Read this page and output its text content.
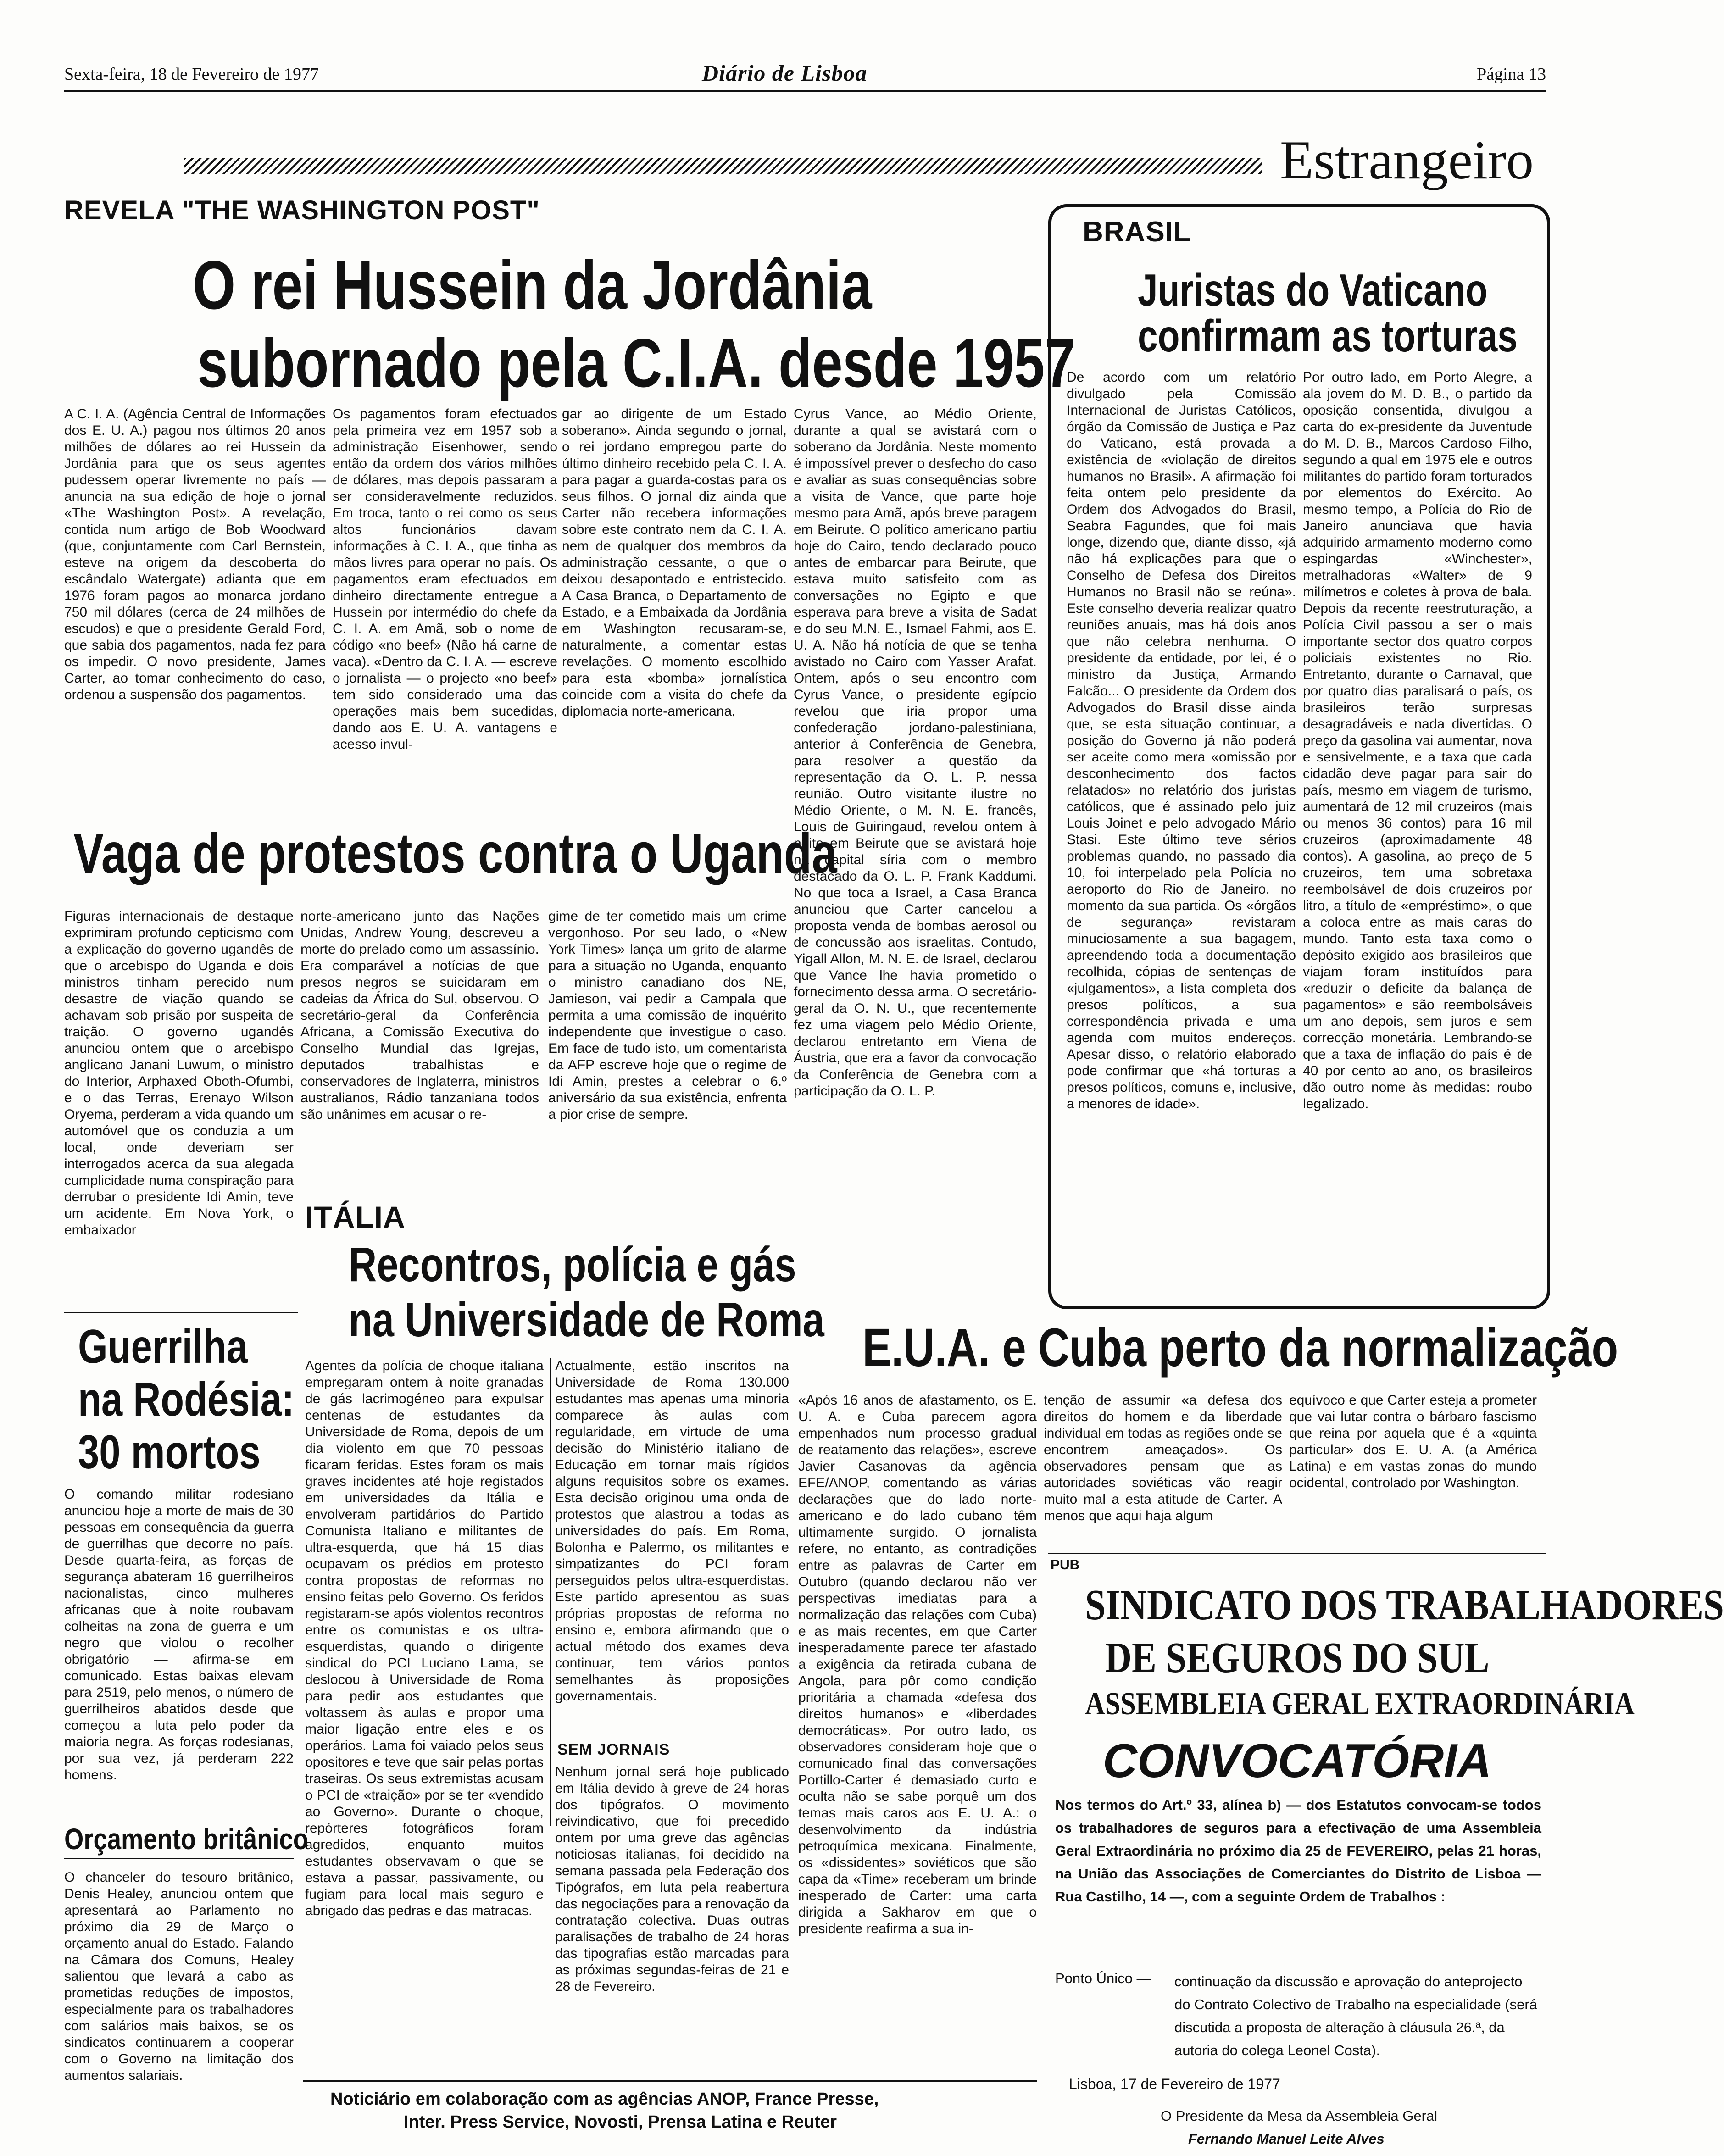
Sexta-feira, 18 de Fevereiro de 1977	Diário de Lisboa	Página 13
Estrangeiro
REVELA "THE WASHINGTON POST"
O rei Hussein da Jordânia
subornado pela C.I.A. desde 1957
A C. I. A. (Agência Central de Informações dos E. U. A.) pagou nos últimos 20 anos milhões de dólares ao rei Hussein da Jordânia para que os seus agentes pudessem operar livremente no país — anuncia na sua edição de hoje o jornal «The Washington Post». A revelação, contida num artigo de Bob Woodward (que, conjuntamente com Carl Bernstein, esteve na origem da descoberta do escândalo Watergate) adianta que em 1976 foram pagos ao monarca jordano 750 mil dólares (cerca de 24 milhões de escudos) e que o presidente Gerald Ford, que sabia dos pagamentos, nada fez para os impedir. O novo presidente, James Carter, ao tomar conhecimento do caso, ordenou a suspensão dos pagamentos.
Os pagamentos foram efectuados pela primeira vez em 1957 sob a administração Eisenhower, sendo então da ordem dos vários milhões de dólares, mas depois passaram a ser consideravelmente reduzidos. Em troca, tanto o rei como os seus altos funcionários davam informações à C. I. A., que tinha as mãos livres para operar no país. Os pagamentos eram efectuados em dinheiro directamente entregue a Hussein por intermédio do chefe da C. I. A. em Amã, sob o nome de código «no beef» (Não há carne de vaca). «Dentro da C. I. A. — escreve o jornalista — o projecto «no beef» tem sido considerado uma das operações mais bem sucedidas, dando aos E. U. A. vantagens e acesso invul-
gar ao dirigente de um Estado soberano». Ainda segundo o jornal, o rei jordano empregou parte do último dinheiro recebido pela C. I. A. para pagar a guarda-costas para os seus filhos. O jornal diz ainda que Carter não recebera informações sobre este contrato nem da C. I. A. nem de qualquer dos membros da administração cessante, o que o deixou desapontado e entristecido. A Casa Branca, o Departamento de Estado, e a Embaixada da Jordânia em Washington recusaram-se, naturalmente, a comentar estas revelações. O momento escolhido para esta «bomba» jornalística coincide com a visita do chefe da diplomacia norte-americana,
Cyrus Vance, ao Médio Oriente, durante a qual se avistará com o soberano da Jordânia. Neste momento é impossível prever o desfecho do caso e avaliar as suas consequências sobre a visita de Vance, que parte hoje mesmo para Amã, após breve paragem em Beirute. O político americano partiu hoje do Cairo, tendo declarado pouco antes de embarcar para Beirute, que estava muito satisfeito com as conversações no Egipto e que esperava para breve a visita de Sadat e do seu M.N. E., Ismael Fahmi, aos E. U. A. Não há notícia de que se tenha avistado no Cairo com Yasser Arafat. Ontem, após o seu encontro com Cyrus Vance, o presidente egípcio revelou que iria propor uma confederação jordano-palestiniana, anterior à Conferência de Genebra, para resolver a questão da representação da O. L. P. nessa reunião. Outro visitante ilustre no Médio Oriente, o M. N. E. francês, Louis de Guiringaud, revelou ontem à noite em Beirute que se avistará hoje na capital síria com o membro destacado da O. L. P. Frank Kaddumi. No que toca a Israel, a Casa Branca anunciou que Carter cancelou a proposta venda de bombas aerosol ou de concussão aos israelitas. Contudo, Yigall Allon, M. N. E. de Israel, declarou que Vance lhe havia prometido o fornecimento dessa arma. O secretário-geral da O. N. U., que recentemente fez uma viagem pelo Médio Oriente, declarou entretanto em Viena de Áustria, que era a favor da convocação da Conferência de Genebra com a participação da O. L. P.
BRASIL
Juristas do Vaticano
confirmam as torturas
De acordo com um relatório divulgado pela Comissão Internacional de Juristas Católicos, órgão da Comissão de Justiça e Paz do Vaticano, está provada a existência de «violação de direitos humanos no Brasil». A afirmação foi feita ontem pelo presidente da Ordem dos Advogados do Brasil, Seabra Fagundes, que foi mais longe, dizendo que, diante disso, «já não há explicações para que o Conselho de Defesa dos Direitos Humanos no Brasil não se reúna». Este conselho deveria realizar quatro reuniões anuais, mas há dois anos que não celebra nenhuma. O presidente da entidade, por lei, é o ministro da Justiça, Armando Falcão... O presidente da Ordem dos Advogados do Brasil disse ainda que, se esta situação continuar, a posição do Governo já não poderá ser aceite como mera «omissão por desconhecimento dos factos relatados» no relatório dos juristas católicos, que é assinado pelo juiz Louis Joinet e pelo advogado Mário Stasi. Este último teve sérios problemas quando, no passado dia 10, foi interpelado pela Polícia no aeroporto do Rio de Janeiro, no momento da sua partida. Os «órgãos de segurança» revistaram minuciosamente a sua bagagem, apreendendo toda a documentação recolhida, cópias de sentenças de «julgamentos», a lista completa dos presos políticos, a sua correspondência privada e uma agenda com muitos endereços. Apesar disso, o relatório elaborado pode confirmar que «há torturas a presos políticos, comuns e, inclusive, a menores de idade».
Por outro lado, em Porto Alegre, a ala jovem do M. D. B., o partido da oposição consentida, divulgou a carta do ex-presidente da Juventude do M. D. B., Marcos Cardoso Filho, segundo a qual em 1975 ele e outros militantes do partido foram torturados por elementos do Exército. Ao mesmo tempo, a Polícia do Rio de Janeiro anunciava que havia adquirido armamento moderno como espingardas «Winchester», metralhadoras «Walter» de 9 milímetros e coletes à prova de bala. Depois da recente reestruturação, a Polícia Civil passou a ser o mais importante sector dos quatro corpos policiais existentes no Rio. Entretanto, durante o Carnaval, que por quatro dias paralisará o país, os brasileiros terão surpresas desagradáveis e nada divertidas. O preço da gasolina vai aumentar, nova e sensivelmente, e a taxa que cada cidadão deve pagar para sair do país, mesmo em viagem de turismo, aumentará de 12 mil cruzeiros (mais ou menos 36 contos) para 16 mil cruzeiros (aproximadamente 48 contos). A gasolina, ao preço de 5 cruzeiros, tem uma sobretaxa reembolsável de dois cruzeiros por litro, a título de «empréstimo», o que a coloca entre as mais caras do mundo. Tanto esta taxa como o depósito exigido aos brasileiros que viajam foram instituídos para «reduzir o deficite da balança de pagamentos» e são reembolsáveis um ano depois, sem juros e sem correcção monetária. Lembrando-se que a taxa de inflação do país é de 40 por cento ao ano, os brasileiros dão outro nome às medidas: roubo legalizado.
Vaga de protestos contra o Uganda
Figuras internacionais de destaque exprimiram profundo cepticismo com a explicação do governo ugandês de que o arcebispo do Uganda e dois ministros tinham perecido num desastre de viação quando se achavam sob prisão por suspeita de traição. O governo ugandês anunciou ontem que o arcebispo anglicano Janani Luwum, o ministro do Interior, Arphaxed Oboth-Ofumbi, e o das Terras, Erenayo Wilson Oryema, perderam a vida quando um automóvel que os conduzia a um local, onde deveriam ser interrogados acerca da sua alegada cumplicidade numa conspiração para derrubar o presidente Idi Amin, teve um acidente. Em Nova York, o embaixador
norte-americano junto das Nações Unidas, Andrew Young, descreveu a morte do prelado como um assassínio. Era comparável a notícias de que presos negros se suicidaram em cadeias da África do Sul, observou. O secretário-geral da Conferência Africana, a Comissão Executiva do Conselho Mundial das Igrejas, deputados trabalhistas e conservadores de Inglaterra, ministros australianos, Rádio tanzaniana todos são unânimes em acusar o re-
gime de ter cometido mais um crime vergonhoso. Por seu lado, o «New York Times» lança um grito de alarme para a situação no Uganda, enquanto o ministro canadiano dos NE, Jamieson, vai pedir a Campala que permita a uma comissão de inquérito independente que investigue o caso. Em face de tudo isto, um comentarista da AFP escreve hoje que o regime de Idi Amin, prestes a celebrar o 6.º aniversário da sua existência, enfrenta a pior crise de sempre.
ITÁLIA
Recontros, polícia e gás
na Universidade de Roma
Agentes da polícia de choque italiana empregaram ontem à noite granadas de gás lacrimogéneo para expulsar centenas de estudantes da Universidade de Roma, depois de um dia violento em que 70 pessoas ficaram feridas. Estes foram os mais graves incidentes até hoje registados em universidades da Itália e envolveram partidários do Partido Comunista Italiano e militantes de ultra-esquerda, que há 15 dias ocupavam os prédios em protesto contra propostas de reformas no ensino feitas pelo Governo. Os feridos registaram-se após violentos recontros entre os comunistas e os ultra-esquerdistas, quando o dirigente sindical do PCI Luciano Lama, se deslocou à Universidade de Roma para pedir aos estudantes que voltassem às aulas e propor uma maior ligação entre eles e os operários. Lama foi vaiado pelos seus opositores e teve que sair pelas portas traseiras. Os seus extremistas acusam o PCI de «traição» por se ter «vendido ao Governo». Durante o choque, repórteres fotográficos foram agredidos, enquanto muitos estudantes observavam o que se estava a passar, passivamente, ou fugiam para local mais seguro e abrigado das pedras e das matracas.
Actualmente, estão inscritos na Universidade de Roma 130.000 estudantes mas apenas uma minoria comparece às aulas com regularidade, em virtude de uma decisão do Ministério italiano de Educação em tornar mais rígidos alguns requisitos sobre os exames. Esta decisão originou uma onda de protestos que alastrou a todas as universidades do país. Em Roma, Bolonha e Palermo, os militantes e simpatizantes do PCI foram perseguidos pelos ultra-esquerdistas. Este partido apresentou as suas próprias propostas de reforma no ensino e, embora afirmando que o actual método dos exames deva continuar, tem vários pontos semelhantes às proposições governamentais.
SEM JORNAIS
Nenhum jornal será hoje publicado em Itália devido à greve de 24 horas dos tipógrafos. O movimento reivindicativo, que foi precedido ontem por uma greve das agências noticiosas italianas, foi decidido na semana passada pela Federação dos Tipógrafos, em luta pela reabertura das negociações para a renovação da contratação colectiva. Duas outras paralisações de trabalho de 24 horas das tipografias estão marcadas para as próximas segundas-feiras de 21 e 28 de Fevereiro.
Guerrilha
na Rodésia:
30 mortos
O comando militar rodesiano anunciou hoje a morte de mais de 30 pessoas em consequência da guerra de guerrilhas que decorre no país. Desde quarta-feira, as forças de segurança abateram 16 guerrilheiros nacionalistas, cinco mulheres africanas que à noite roubavam colheitas na zona de guerra e um negro que violou o recolher obrigatório — afirma-se em comunicado. Estas baixas elevam para 2519, pelo menos, o número de guerrilheiros abatidos desde que começou a luta pelo poder da maioria negra. As forças rodesianas, por sua vez, já perderam 222 homens.
Orçamento britânico
O chanceler do tesouro britânico, Denis Healey, anunciou ontem que apresentará ao Parlamento no próximo dia 29 de Março o orçamento anual do Estado. Falando na Câmara dos Comuns, Healey salientou que levará a cabo as prometidas reduções de impostos, especialmente para os trabalhadores com salários mais baixos, se os sindicatos continuarem a cooperar com o Governo na limitação dos aumentos salariais.
E.U.A. e Cuba perto da normalização
«Após 16 anos de afastamento, os E. U. A. e Cuba parecem agora empenhados num processo gradual de reatamento das relações», escreve Javier Casanovas da agência EFE/ANOP, comentando as várias declarações que do lado norte-americano e do lado cubano têm ultimamente surgido. O jornalista refere, no entanto, as contradições entre as palavras de Carter em Outubro (quando declarou não ver perspectivas imediatas para a normalização das relações com Cuba) e as mais recentes, em que Carter inesperadamente parece ter afastado a exigência da retirada cubana de Angola, para pôr como condição prioritária a chamada «defesa dos direitos humanos» e «liberdades democráticas». Por outro lado, os observadores consideram hoje que o comunicado final das conversações Portillo-Carter é demasiado curto e oculta não se sabe porquê um dos temas mais caros aos E. U. A.: o desenvolvimento da indústria petroquímica mexicana. Finalmente, os «dissidentes» soviéticos que são capa da «Time» receberam um brinde inesperado de Carter: uma carta dirigida a Sakharov em que o presidente reafirma a sua in-
tenção de assumir «a defesa dos direitos do homem e da liberdade individual em todas as regiões onde se encontrem ameaçados». Os observadores pensam que as autoridades soviéticas vão reagir muito mal a esta atitude de Carter. A menos que aqui haja algum
equívoco e que Carter esteja a prometer que vai lutar contra o bárbaro fascismo que reina por aquela que é a «quinta particular» dos E. U. A. (a América Latina) e em vastas zonas do mundo ocidental, controlado por Washington.
PUB
SINDICATO DOS TRABALHADORES
DE SEGUROS DO SUL
ASSEMBLEIA GERAL EXTRAORDINÁRIA
CONVOCATÓRIA
Nos termos do Art.º 33, alínea b) — dos Estatutos convocam-se todos os trabalhadores de seguros para a efectivação de uma Assembleia Geral Extraordinária no próximo dia 25 de FEVEREIRO, pelas 21 horas, na União das Associações de Comerciantes do Distrito de Lisboa — Rua Castilho, 14 —, com a seguinte Ordem de Trabalhos :
Ponto Único — continuação da discussão e aprovação do anteprojecto do Contrato Colectivo de Trabalho na especialidade (será discutida a proposta de alteração à cláusula 26.ª, da autoria do colega Leonel Costa).
Lisboa, 17 de Fevereiro de 1977
O Presidente da Mesa da Assembleia Geral
Fernando Manuel Leite Alves
Noticiário em colaboração com as agências ANOP, France Presse,
Inter. Press Service, Novosti, Prensa Latina e Reuter
